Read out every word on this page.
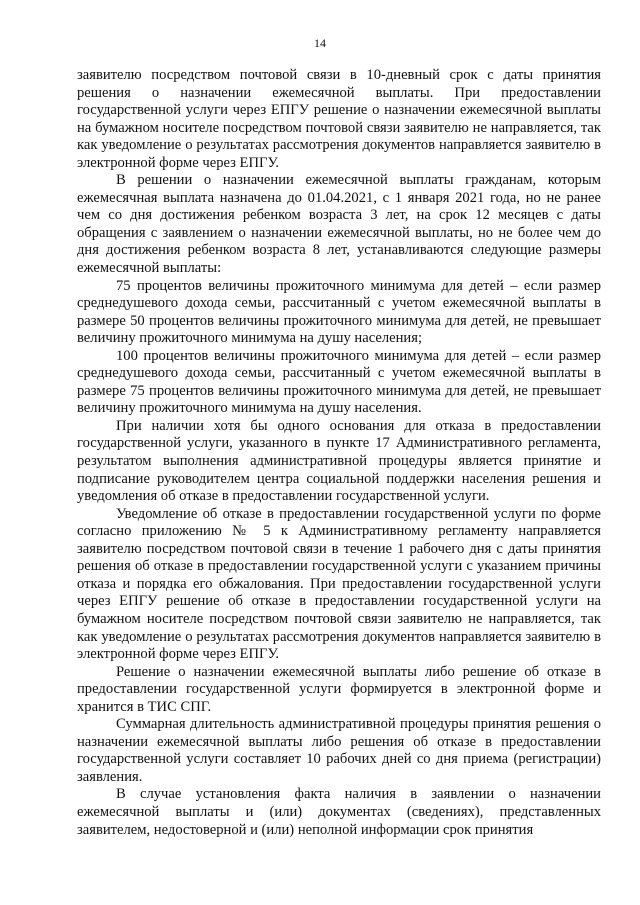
14

заявителю посредством почтовой связи в 10-дневный срок с даты принятия решения о назначении ежемесячной выплаты. При предоставлении государственной услуги через ЕПГУ решение о назначении ежемесячной выплаты на бумажном носителе посредством почтовой связи заявителю не направляется, так как уведомление о результатах рассмотрения документов направляется заявителю в электронной форме через ЕПГУ.

В решении о назначении ежемесячной выплаты гражданам, которым ежемесячная выплата назначена до 01.04.2021, с 1 января 2021 года, но не ранее чем со дня достижения ребенком возраста 3 лет, на срок 12 месяцев с даты обращения с заявлением о назначении ежемесячной выплаты, но не более чем до дня достижения ребенком возраста 8 лет, устанавливаются следующие размеры ежемесячной выплаты:

75 процентов величины прожиточного минимума для детей – если размер среднедушевого дохода семьи, рассчитанный с учетом ежемесячной выплаты в размере 50 процентов величины прожиточного минимума для детей, не превышает величину прожиточного минимума на душу населения;

100 процентов величины прожиточного минимума для детей – если размер среднедушевого дохода семьи, рассчитанный с учетом ежемесячной выплаты в размере 75 процентов величины прожиточного минимума для детей, не превышает величину прожиточного минимума на душу населения.

При наличии хотя бы одного основания для отказа в предоставлении государственной услуги, указанного в пункте 17 Административного регламента, результатом выполнения административной процедуры является принятие и подписание руководителем центра социальной поддержки населения решения и уведомления об отказе в предоставлении государственной услуги.

Уведомление об отказе в предоставлении государственной услуги по форме согласно приложению № 5 к Административному регламенту направляется заявителю посредством почтовой связи в течение 1 рабочего дня с даты принятия решения об отказе в предоставлении государственной услуги с указанием причины отказа и порядка его обжалования. При предоставлении государственной услуги через ЕПГУ решение об отказе в предоставлении государственной услуги на бумажном носителе посредством почтовой связи заявителю не направляется, так как уведомление о результатах рассмотрения документов направляется заявителю в электронной форме через ЕПГУ.

Решение о назначении ежемесячной выплаты либо решение об отказе в предоставлении государственной услуги формируется в электронной форме и хранится в ТИС СПГ.

Суммарная длительность административной процедуры принятия решения о назначении ежемесячной выплаты либо решения об отказе в предоставлении государственной услуги составляет 10 рабочих дней со дня приема (регистрации) заявления.

В случае установления факта наличия в заявлении о назначении ежемесячной выплаты и (или) документах (сведениях), представленных заявителем, недостоверной и (или) неполной информации срок принятия
